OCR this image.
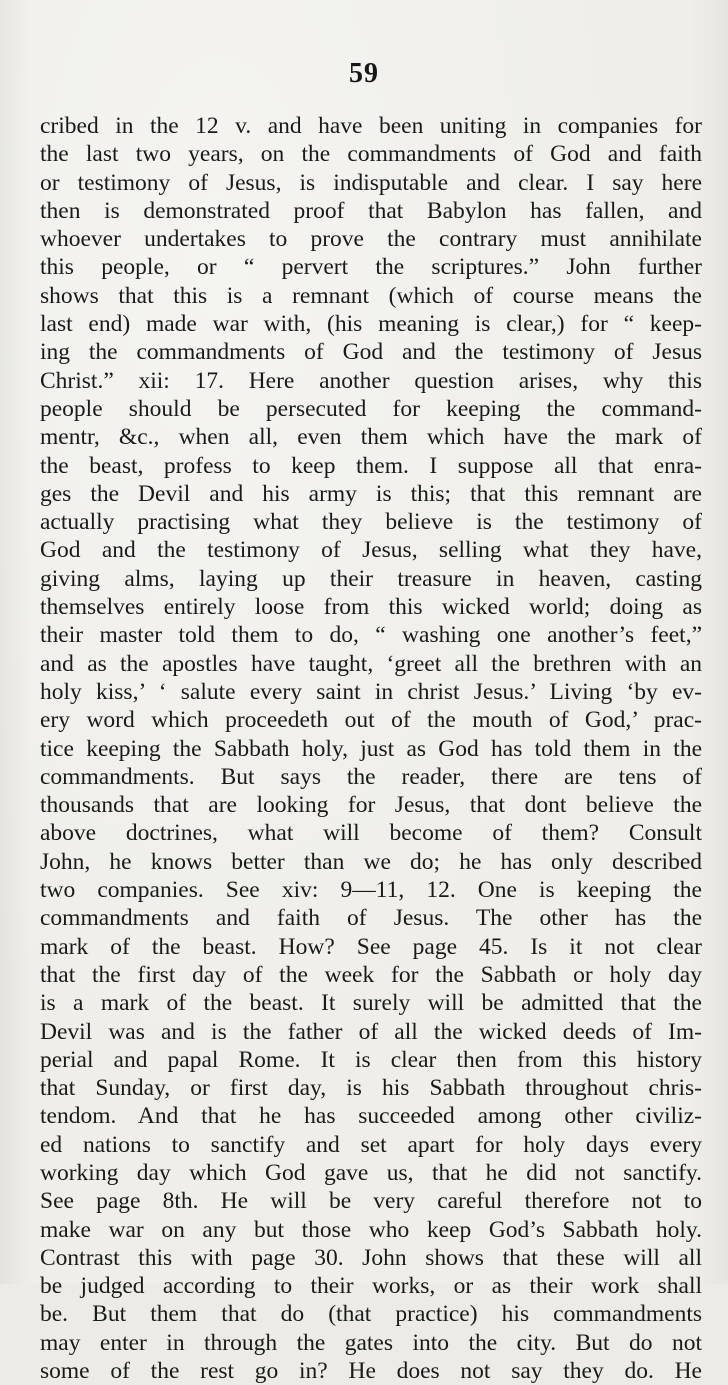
59
cribed in the 12 v. and have been uniting in companies for
the last two years, on the commandments of God and faith
or testimony of Jesus, is indisputable and clear. I say here
then is demonstrated proof that Babylon has fallen, and
whoever undertakes to prove the contrary must annihilate
this people, or “ pervert the scriptures.” John further
shows that this is a remnant (which of course means the
last end) made war with, (his meaning is clear,) for “ keep-
ing the commandments of God and the testimony of Jesus
Christ.” xii: 17. Here another question arises, why this
people should be persecuted for keeping the command-
mentr, &c., when all, even them which have the mark of
the beast, profess to keep them. I suppose all that enra-
ges the Devil and his army is this; that this remnant are
actually practising what they believe is the testimony of
God and the testimony of Jesus, selling what they have,
giving alms, laying up their treasure in heaven, casting
themselves entirely loose from this wicked world; doing as
their master told them to do, “ washing one another’s feet,”
and as the apostles have taught, ‘greet all the brethren with an
holy kiss,’ ‘ salute every saint in christ Jesus.’ Living ‘by ev-
ery word which proceedeth out of the mouth of God,’ prac-
tice keeping the Sabbath holy, just as God has told them in the
commandments. But says the reader, there are tens of
thousands that are looking for Jesus, that dont believe the
above doctrines, what will become of them? Consult
John, he knows better than we do; he has only described
two companies. See xiv: 9—11, 12. One is keeping the
commandments and faith of Jesus. The other has the
mark of the beast. How? See page 45. Is it not clear
that the first day of the week for the Sabbath or holy day
is a mark of the beast. It surely will be admitted that the
Devil was and is the father of all the wicked deeds of Im-
perial and papal Rome. It is clear then from this history
that Sunday, or first day, is his Sabbath throughout chris-
tendom. And that he has succeeded among other civiliz-
ed nations to sanctify and set apart for holy days every
working day which God gave us, that he did not sanctify.
See page 8th. He will be very careful therefore not to
make war on any but those who keep God’s Sabbath holy.
Contrast this with page 30. John shows that these will all
be judged according to their works, or as their work shall
be. But them that do (that practice) his commandments
may enter in through the gates into the city. But do not
some of the rest go in? He does not say they do. He
